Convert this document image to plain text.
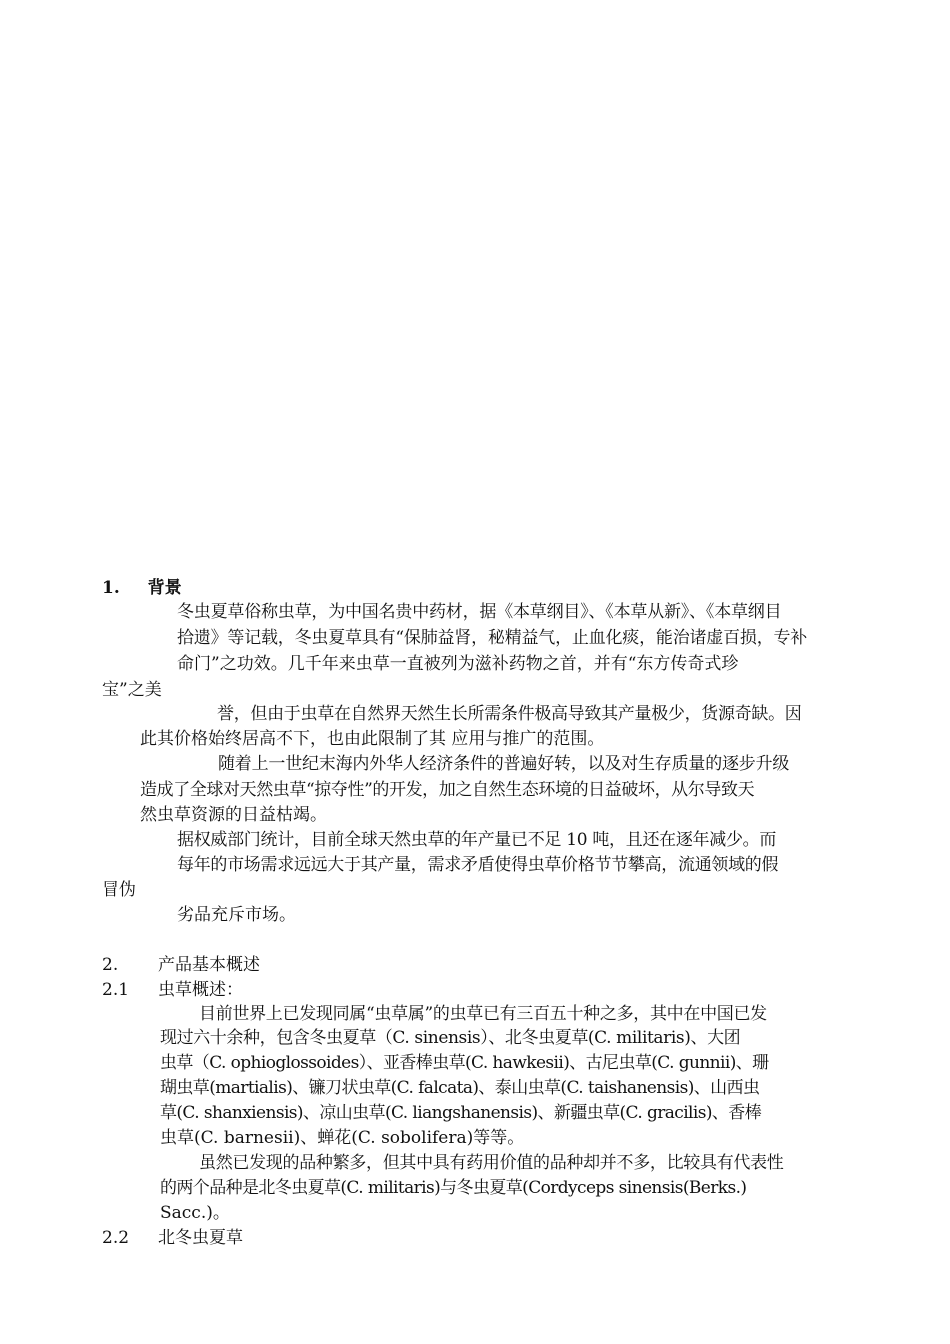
1. 背景
冬虫夏草俗称虫草，为中国名贵中药材，据《本草纲目》、《本草从新》、《本草纲目
拾遗》等记载，冬虫夏草具有“保肺益肾，秘精益气，止血化痰，能治诸虚百损，专补
命门”之功效。几千年来虫草一直被列为滋补药物之首，并有“东方传奇式珍
宝”之美
誉，但由于虫草在自然界天然生长所需条件极高导致其产量极少，货源奇缺。因
此其价格始终居高不下，也由此限制了其 应用与推广的范围。
随着上一世纪末海内外华人经济条件的普遍好转，以及对生存质量的逐步升级
造成了全球对天然虫草“掠夺性”的开发，加之自然生态环境的日益破坏，从尔导致天
然虫草资源的日益枯竭。
据权威部门统计，目前全球天然虫草的年产量已不足 10 吨，且还在逐年减少。而
每年的市场需求远远大于其产量，需求矛盾使得虫草价格节节攀高，流通领域的假
冒伪
劣品充斥市场。
2. 产品基本概述
2.1 虫草概述：
目前世界上已发现同属“虫草属”的虫草已有三百五十种之多，其中在中国已发
现过六十余种，包含冬虫夏草（C. sinensis）、北冬虫夏草(C. militaris)、大团
虫草（C. ophioglossoides）、亚香棒虫草(C. hawkesii)、古尼虫草(C. gunnii)、珊
瑚虫草(martialis)、镰刀状虫草(C. falcata)、泰山虫草(C. taishanensis)、山西虫
草(C. shanxiensis)、凉山虫草(C. liangshanensis)、新疆虫草(C. gracilis)、香棒
虫草(C. barnesii)、蝉花(C. sobolifera)等等。
虽然已发现的品种繁多，但其中具有药用价值的品种却并不多，比较具有代表性
的两个品种是北冬虫夏草(C. militaris)与冬虫夏草(Cordyceps sinensis(Berks.)
Sacc.)。
2.2 北冬虫夏草
